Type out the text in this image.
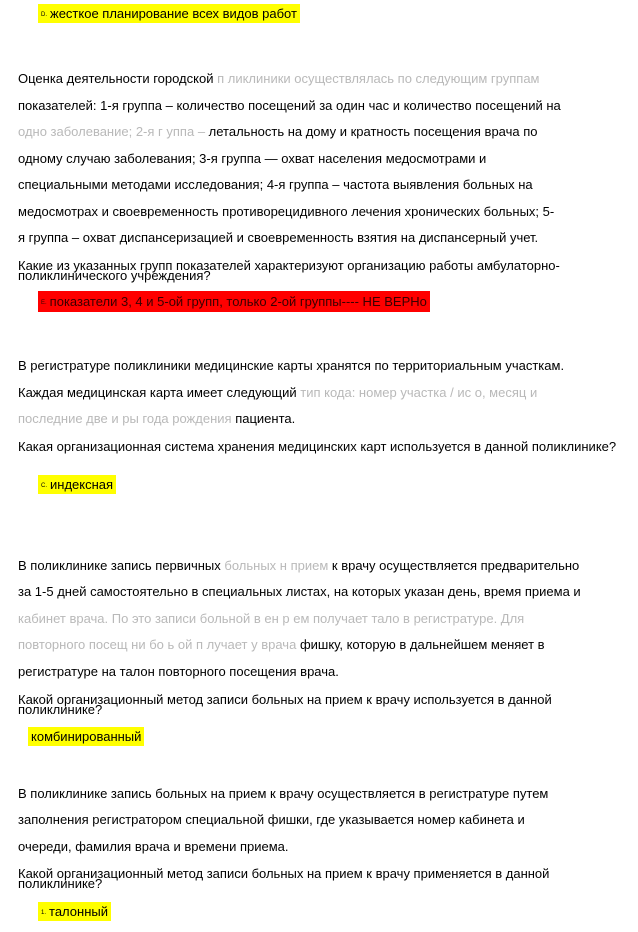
D. жесткое планирование всех видов работ
Оценка деятельности городской п ликлиники осуществлялась по следующим группам
показателей: 1-я группа – количество посещений за один час и количество посещений на
одно заболевание; 2-я г уппа – летальность на дому и кратность посещения врача по
одному случаю заболевания; 3-я группа — охват населения медосмотрами и
специальными методами исследования; 4-я группа – частота выявления больных на
медосмотрах и своевременность противорецидивного лечения хронических больных; 5-
я группа – охват диспансеризацией и своевременность взятия на диспансерный учет.
Какие из указанных групп показателей характеризуют организацию работы амбулаторно-поликлинического учреждения?
E. показатели 3, 4 и 5-ой групп, только 2-ой группы---- НЕ ВЕРНо
В регистратуре поликлиники медицинские карты хранятся по территориальным участкам.
Каждая медицинская карта имеет следующий тип кода: номер участка / ис о, месяц и
последние две и ры года рождения пациента.
Какая организационная система хранения медицинских карт используется в данной поликлинике?
C. индексная
В поликлинике запись первичных больных н прием к врачу осуществляется предварительно
за 1-5 дней самостоятельно в специальных листах, на которых указан день, время приема и
кабинет врача. По это записи больной в ен р ем получает тало в регистратуре. Для
повторного посещ ни бо ь ой п лучает у врача фишку, которую в дальнейшем меняет в
регистратуре на талон повторного посещения врача.
Какой организационный метод записи больных на прием к врачу используется в данной поликлинике?
комбинированный
В поликлинике запись больных на прием к врачу осуществляется в регистратуре путем
заполнения регистратором специальной фишки, где указывается номер кабинета и
очереди, фамилия врача и времени приема.
Какой организационный метод записи больных на прием к врачу применяется в данной поликлинике?
1. талонный
